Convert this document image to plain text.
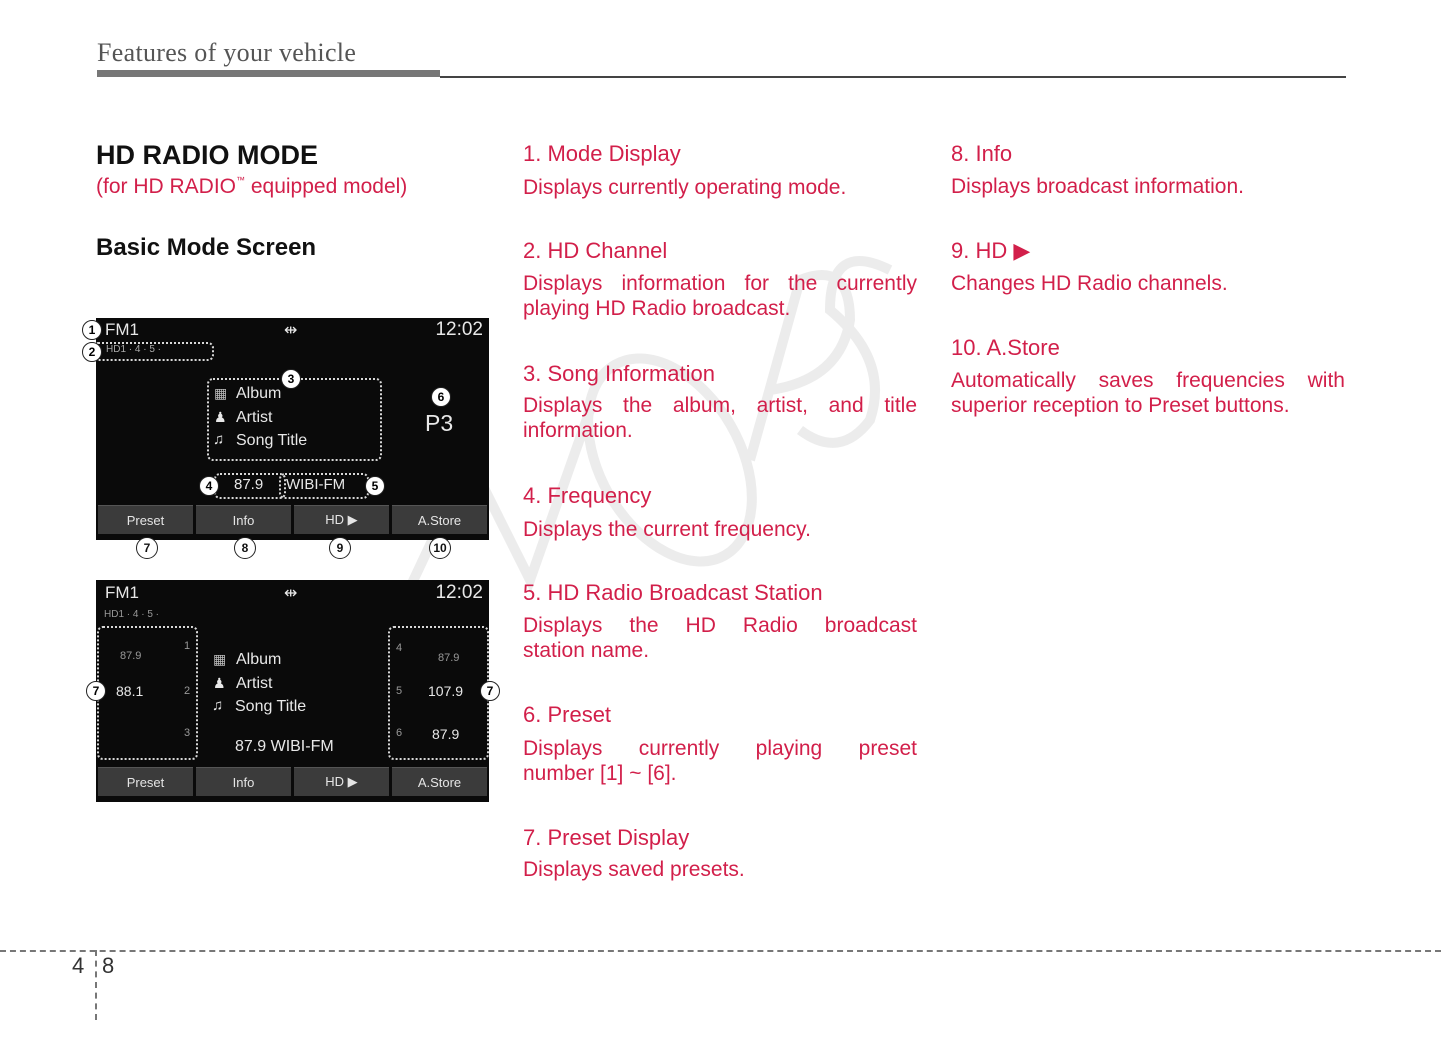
Features of your vehicle
HD RADIO MODE
(for HD RADIO™ equipped model)
Basic Mode Screen
FM1	⇹	12:02
HD1 · 4 · 5 ·
▦ Album
♟ Artist
♫ Song Title
3
6
P3
87.9 WIBI-FM
4	5
Preset	Info	HD ▶	A.Store
1
2
7	8	9	10
FM1	⇹	12:02
HD1 · 4 · 5 ·
87.9
1
88.1	2
3
4
87.9
5 107.9
6 87.9
▦ Album
♟ Artist
♫ Song Title
87.9 WIBI-FM
Preset	Info	HD ▶	A.Store
7	7
1. Mode Display
Displays currently operating mode.
2. HD Channel
Displays information for the currently
playing HD Radio broadcast.
3. Song Information
Displays the album, artist, and title
information.
4. Frequency
Displays the current frequency.
5. HD Radio Broadcast Station
Displays the HD Radio broadcast
station name.
6. Preset
Displays currently playing preset
number [1] ~ [6].
7. Preset Display
Displays saved presets.
8. Info
Displays broadcast information.
9. HD ▶
Changes HD Radio channels.
10. A.Store
Automatically saves frequencies with
superior reception to Preset buttons.
4 8
